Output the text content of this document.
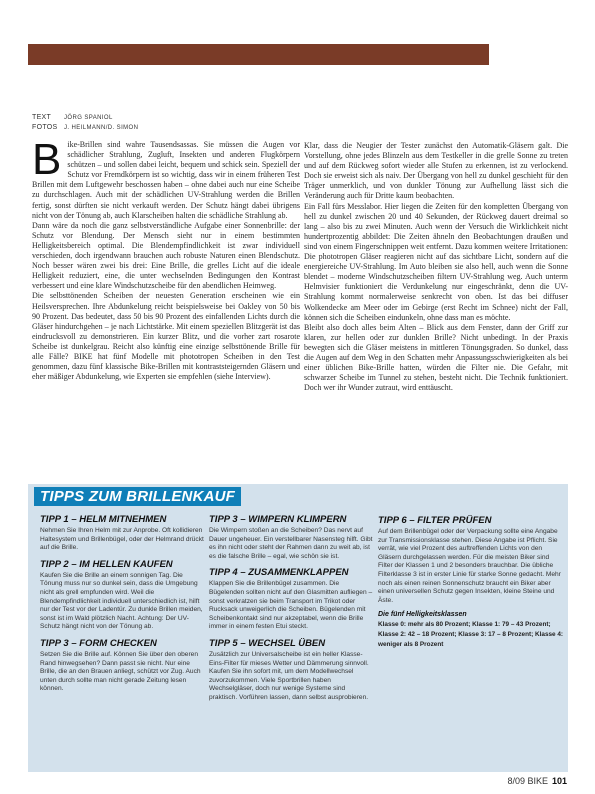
TEXT	JÖRG SPANIOL
FOTOS	J. HEILMANN/D. SIMON

B ike-Brillen sind wahre Tausendsassas. Sie müssen die Augen vor schädlicher Strahlung, Zugluft, Insekten und anderen Flugkörpern schützen – und sollen dabei leicht, bequem und schick sein. Speziell der Schutz vor Fremdkörpern ist so wichtig, dass wir in einem früheren Test Brillen mit dem Luftgewehr beschossen haben – ohne dabei auch nur eine Scheibe zu durchschlagen. Auch mit der schädlichen UV-Strahlung werden die Brillen fertig, sonst dürften sie nicht verkauft werden. Der Schutz hängt dabei übrigens nicht von der Tönung ab, auch Klarscheiben halten die schädliche Strahlung ab.

Dann wäre da noch die ganz selbstverständliche Aufgabe einer Sonnenbrille: der Schutz vor Blendung. Der Mensch sieht nur in einem bestimmten Helligkeitsbereich optimal. Die Blendempfindlichkeit ist zwar individuell verschieden, doch irgendwann brauchen auch robuste Naturen einen Blendschutz. Noch besser wären zwei bis drei: Eine Brille, die grelles Licht auf die ideale Helligkeit reduziert, eine, die unter wechselnden Bedingungen den Kontrast verbessert und eine klare Windschutzscheibe für den abendlichen Heimweg.

Die selbsttönenden Scheiben der neuesten Generation erscheinen wie ein Heilsversprechen. Ihre Abdunkelung reicht beispielsweise bei Oakley von 50 bis 90 Prozent. Das bedeutet, dass 50 bis 90 Prozent des einfallenden Lichts durch die Gläser hindurchgehen – je nach Lichtstärke. Mit einem speziellen Blitzgerät ist das eindrucksvoll zu demonstrieren. Ein kurzer Blitz, und die vorher zart rosarote Scheibe ist dunkelgrau. Reicht also künftig eine einzige selbsttönende Brille für alle Fälle? BIKE hat fünf Modelle mit phototropen Scheiben in den Test genommen, dazu fünf klassische Bike-Brillen mit kontraststeigernden Gläsern und eher mäßiger Abdunkelung, wie Experten sie empfehlen (siehe Interview).

Klar, dass die Neugier der Tester zunächst den Automatik-Gläsern galt. Die Vorstellung, ohne jedes Blinzeln aus dem Testkeller in die grelle Sonne zu treten und auf dem Rückweg sofort wieder alle Stufen zu erkennen, ist zu verlockend. Doch sie erweist sich als naiv. Der Übergang von hell zu dunkel geschieht für den Träger unmerklich, und von dunkler Tönung zur Aufhellung lässt sich die Veränderung auch für Dritte kaum beobachten.

Ein Fall fürs Messlabor. Hier liegen die Zeiten für den kompletten Übergang von hell zu dunkel zwischen 20 und 40 Sekunden, der Rückweg dauert dreimal so lang – also bis zu zwei Minuten. Auch wenn der Versuch die Wirklichkeit nicht hundertprozentig abbildet: Die Zeiten ähneln den Beobachtungen draußen und sind von einem Fingerschnippen weit entfernt. Dazu kommen weitere Irritationen: Die phototropen Gläser reagieren nicht auf das sichtbare Licht, sondern auf die energiereiche UV-Strahlung. Im Auto bleiben sie also hell, auch wenn die Sonne blendet – moderne Windschutzscheiben filtern UV-Strahlung weg. Auch unterm Helmvisier funktioniert die Verdunkelung nur eingeschränkt, denn die UV-Strahlung kommt normalerweise senkrecht von oben. Ist das bei diffuser Wolkendecke am Meer oder im Gebirge (erst Recht im Schnee) nicht der Fall, können sich die Scheiben eindunkeln, ohne dass man es möchte.

Bleibt also doch alles beim Alten – Blick aus dem Fenster, dann der Griff zur klaren, zur hellen oder zur dunklen Brille? Nicht unbedingt. In der Praxis bewegten sich die Gläser meistens in mittleren Tönungsgraden. So dunkel, dass die Augen auf dem Weg in den Schatten mehr Anpassungsschwierigkeiten als bei einer üblichen Bike-Brille hatten, würden die Filter nie. Die Gefahr, mit schwarzer Scheibe im Tunnel zu stehen, besteht nicht. Die Technik funktioniert. Doch wer ihr Wunder zutraut, wird enttäuscht.

TIPPS ZUM BRILLENKAUF
TIPP 1 – HELM MITNEHMEN

Nehmen Sie Ihren Helm mit zur Anprobe. Oft kollidieren Haltesystem und Brillenbügel, oder der Helmrand drückt auf die Brille.

TIPP 2 – IM HELLEN KAUFEN

Kaufen Sie die Brille an einem sonnigen Tag. Die Tönung muss nur so dunkel sein, dass die Umgebung nicht als grell empfunden wird. Weil die Blendempfindlichkeit individuell unterschiedlich ist, hilft nur der Test vor der Ladentür. Zu dunkle Brillen meiden, sonst ist im Wald plötzlich Nacht. Achtung: Der UV-Schutz hängt nicht von der Tönung ab.

TIPP 3 – FORM CHECKEN

Setzen Sie die Brille auf. Können Sie über den oberen Rand hinwegsehen? Dann passt sie nicht. Nur eine Brille, die an den Brauen anliegt, schützt vor Zug. Auch unten durch sollte man nicht gerade Zeitung lesen können.

TIPP 3 – WIMPERN KLIMPERN

Die Wimpern stoßen an die Scheiben? Das nervt auf Dauer ungeheuer. Ein verstellbarer Nasensteg hilft. Gibt es ihn nicht oder steht der Rahmen dann zu weit ab, ist es die falsche Brille – egal, wie schön sie ist.

TIPP 4 – ZUSAMMENKLAPPEN

Klappen Sie die Brillenbügel zusammen. Die Bügelenden sollten nicht auf den Glasmitten aufliegen – sonst verkratzen sie beim Transport im Trikot oder Rucksack unweigerlich die Scheiben. Bügelenden mit Scheibenkontakt sind nur akzeptabel, wenn die Brille immer in einem festen Etui steckt.

TIPP 5 – WECHSEL ÜBEN

Zusätzlich zur Universalscheibe ist ein heller Klasse-Eins-Filter für mieses Wetter und Dämmerung sinnvoll. Kaufen Sie ihn sofort mit, um dem Modellwechsel zuvorzukommen. Viele Sportbrillen haben Wechselgläser, doch nur wenige Systeme sind praktisch. Vorführen lassen, dann selbst ausprobieren.

TIPP 6 – FILTER PRÜFEN

Auf dem Brillenbügel oder der Verpackung sollte eine Angabe zur Transmissionsklasse stehen. Diese Angabe ist Pflicht. Sie verrät, wie viel Prozent des auftreffenden Lichts von den Gläsern durchgelassen werden. Für die meisten Biker sind Filter der Klassen 1 und 2 besonders brauchbar. Die übliche Filterklasse 3 ist in erster Linie für starke Sonne gedacht. Mehr noch als einen reinen Sonnenschutz braucht ein Biker aber einen universellen Schutz gegen Insekten, kleine Steine und Äste.

Die fünf Helligkeitsklassen
Klasse 0: mehr als 80 Prozent; Klasse 1: 79 – 43 Prozent; Klasse 2: 42 – 18 Prozent; Klasse 3: 17 – 8 Prozent; Klasse 4: weniger als 8 Prozent
8/09 BIKE 101
